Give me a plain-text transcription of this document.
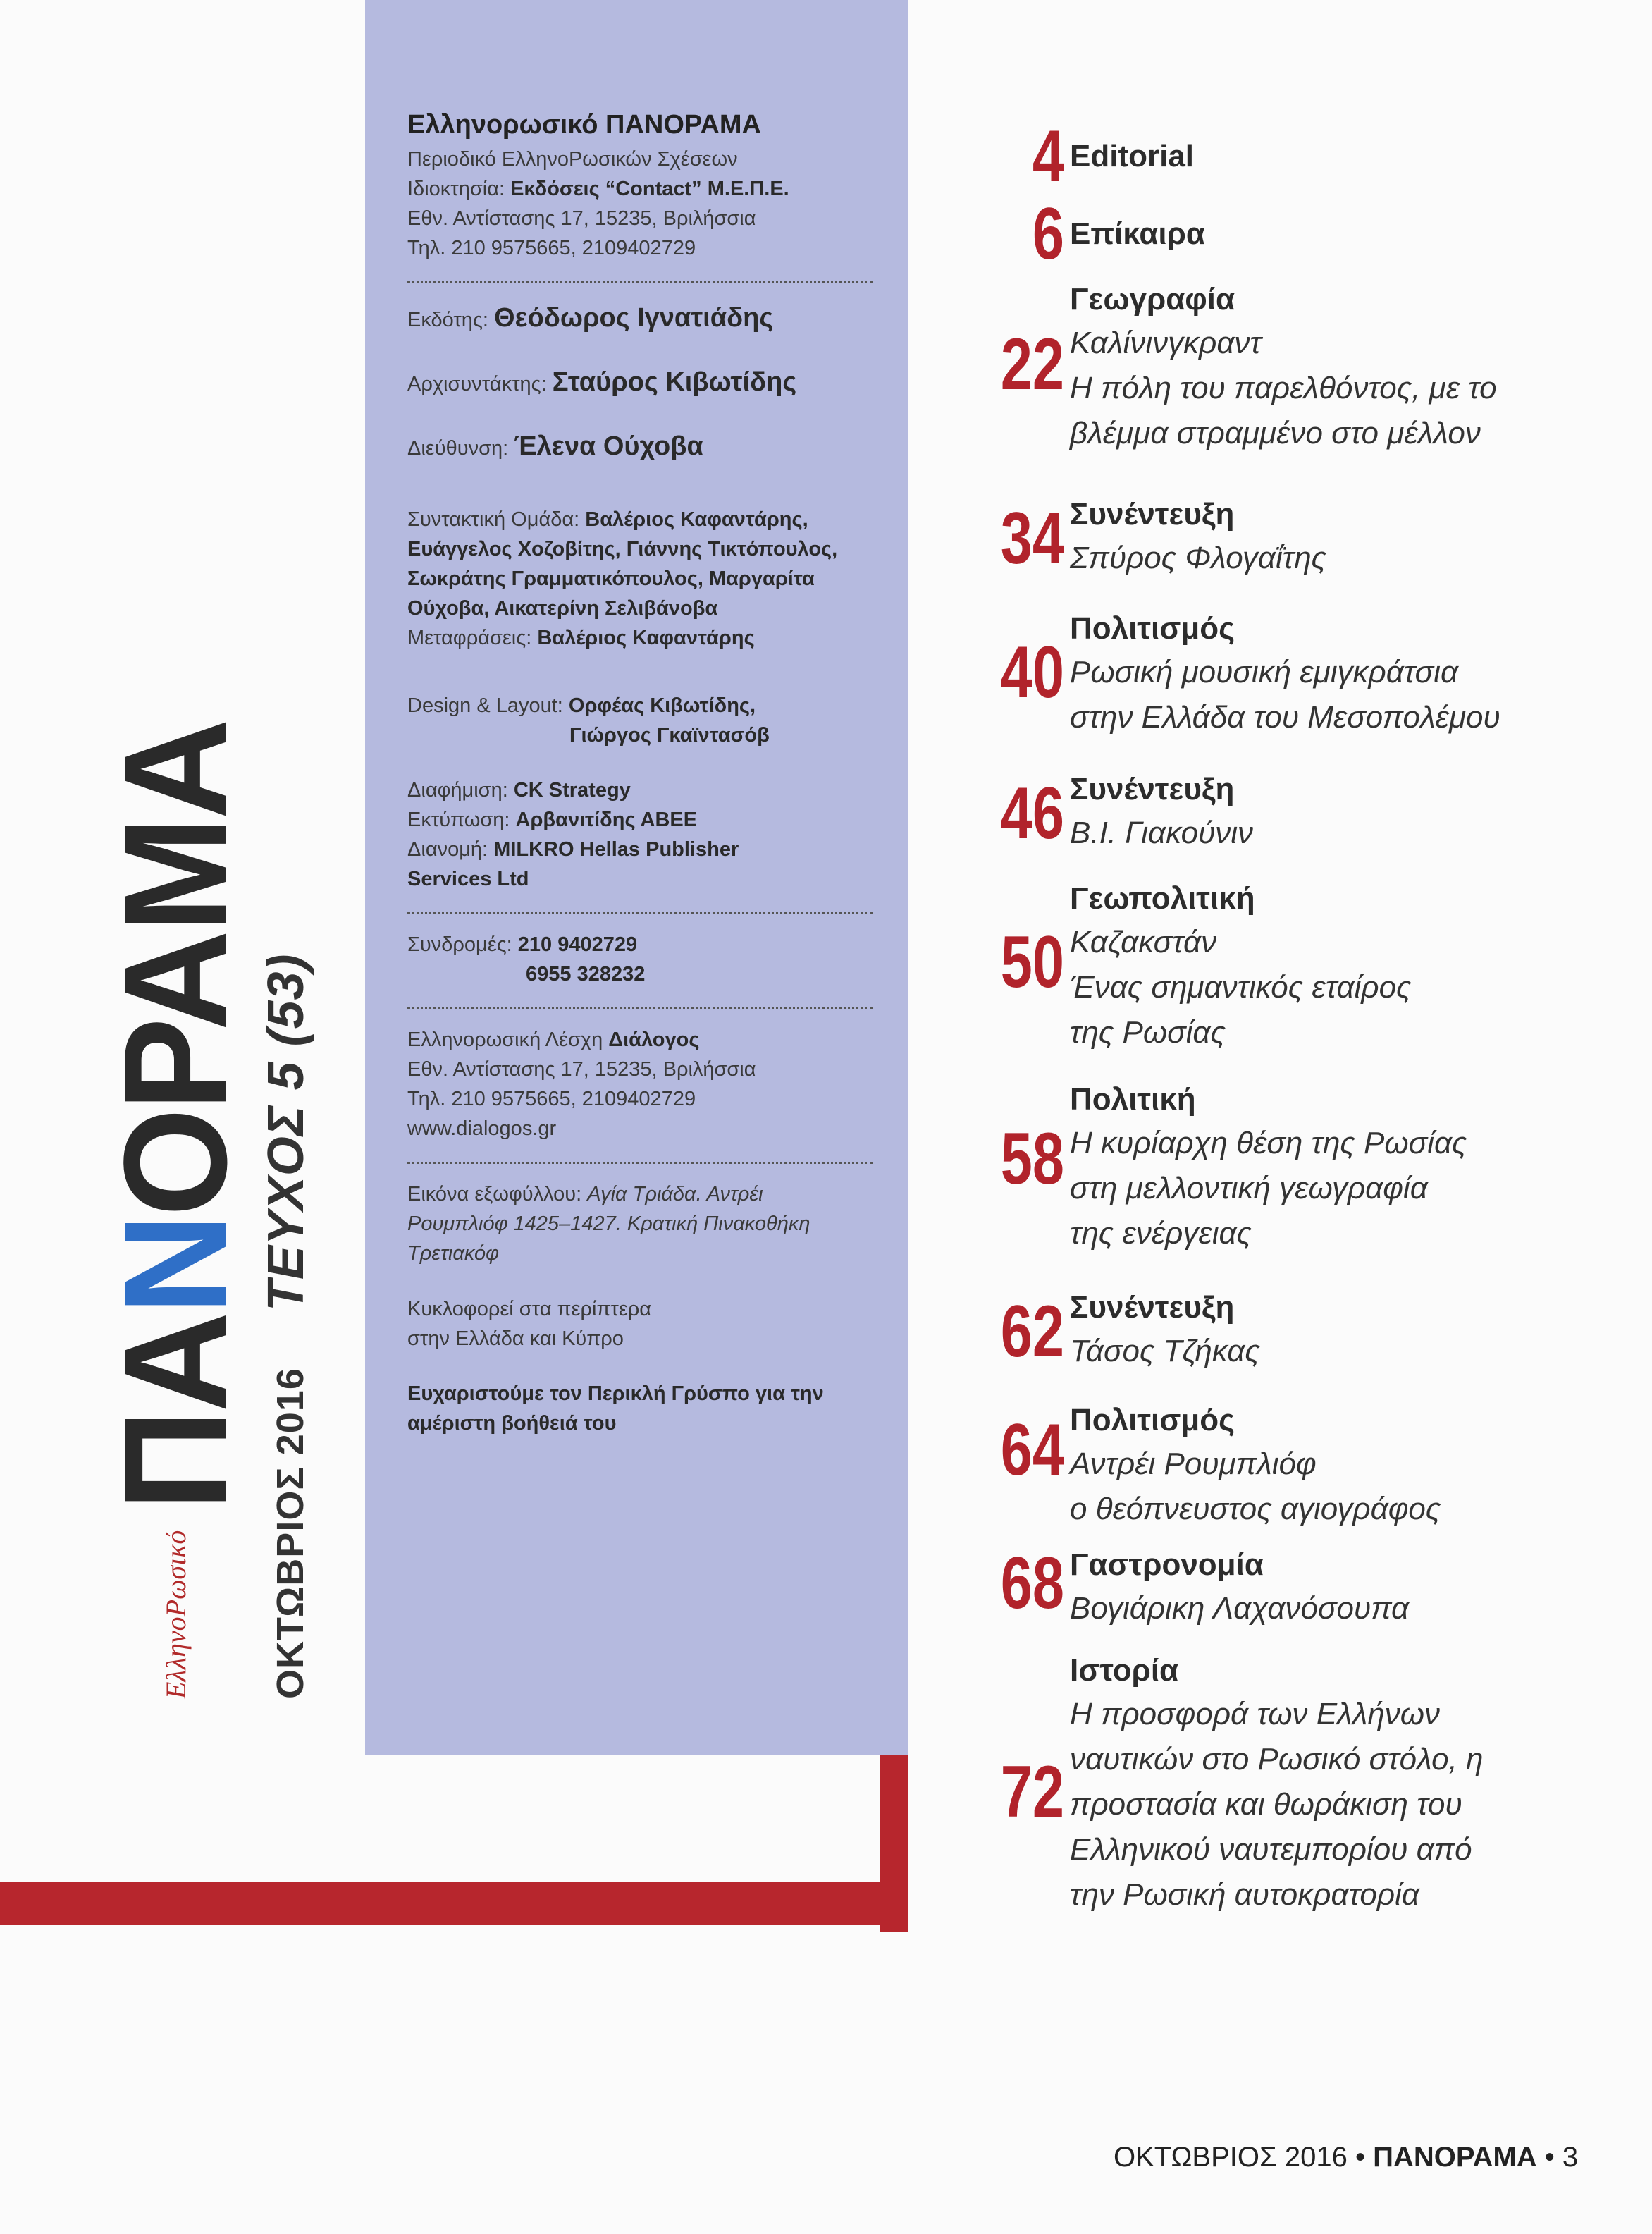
ΕλληνοΡωσικό
ΠΑΝΟΡΑΜΑ
ΟΚΤΩΒΡΙΟΣ 2016
ΤΕΥΧΟΣ 5 (53)
Ελληνορωσικό ΠΑΝΟΡΑΜΑ
Περιοδικό ΕλληνοΡωσικών Σχέσεων
Ιδιοκτησία: Εκδόσεις “Contact” Μ.Ε.Π.Ε.
Εθν. Αντίστασης 17, 15235, Βριλήσσια
Τηλ. 210 9575665, 2109402729
Εκδότης: Θεόδωρος Ιγνατιάδης
Αρχισυντάκτης: Σταύρος Κιβωτίδης
Διεύθυνση: Έλενα Ούχοβα
Συντακτική Ομάδα: Βαλέριος Καφαντάρης,
Ευάγγελος Χοζοβίτης, Γιάννης Τικτόπουλος,
Σωκράτης Γραμματικόπουλος, Μαργαρίτα
Ούχοβα, Αικατερίνη Σελιβάνοβα
Μεταφράσεις: Βαλέριος Καφαντάρης
Design & Layout: Ορφέας Κιβωτίδης,
Γιώργος Γκαϊντασόβ
Διαφήμιση: CK Strategy
Εκτύπωση: Αρβανιτίδης ΑΒΕΕ
Διανομή: MILKRO Hellas Publisher
Services Ltd
Συνδρομές: 210 9402729
6955 328232
Ελληνορωσική Λέσχη Διάλογος
Εθν. Αντίστασης 17, 15235, Βριλήσσια
Τηλ. 210 9575665, 2109402729
www.dialogos.gr
Εικόνα εξωφύλλου: Αγία Τριάδα. Αντρέι
Ρουμπλιόφ 1425–1427. Κρατική Πινακοθήκη
Τρετιακόφ
Κυκλοφορεί στα περίπτερα
στην Ελλάδα και Κύπρο
Ευχαριστούμε τον Περικλή Γρύσπο για την
αμέριστη βοήθειά του
4 Editorial
6 Επίκαιρα
22
Γεωγραφία
Καλίνινγκραντ
Η πόλη του παρελθόντος, με το
βλέμμα στραμμένο στο μέλλον
34 Συνέντευξη
Σπύρος Φλογαΐτης
40
Πολιτισμός
Ρωσική μουσική εμιγκράτσια
στην Ελλάδα του Μεσοπολέμου
46 Συνέντευξη
Β.Ι. Γιακούνιν
50
Γεωπολιτική
Καζακστάν
Ένας σημαντικός εταίρος
της Ρωσίας
58
Πολιτική
Η κυρίαρχη θέση της Ρωσίας
στη μελλοντική γεωγραφία
της ενέργειας
62 Συνέντευξη
Τάσος Τζήκας
64 Πολιτισμός
Αντρέι Ρουμπλιόφ
ο θεόπνευστος αγιογράφος
68 Γαστρονομία
Βογιάρικη Λαχανόσουπα
72
Ιστορία
Η προσφορά των Ελλήνων
ναυτικών στο Ρωσικό στόλο, η
προστασία και θωράκιση του
Ελληνικού ναυτεμπορίου από
την Ρωσική αυτοκρατορία
ΟΚΤΩΒΡΙΟΣ 2016 • ΠΑΝΟΡΑΜΑ • 3
